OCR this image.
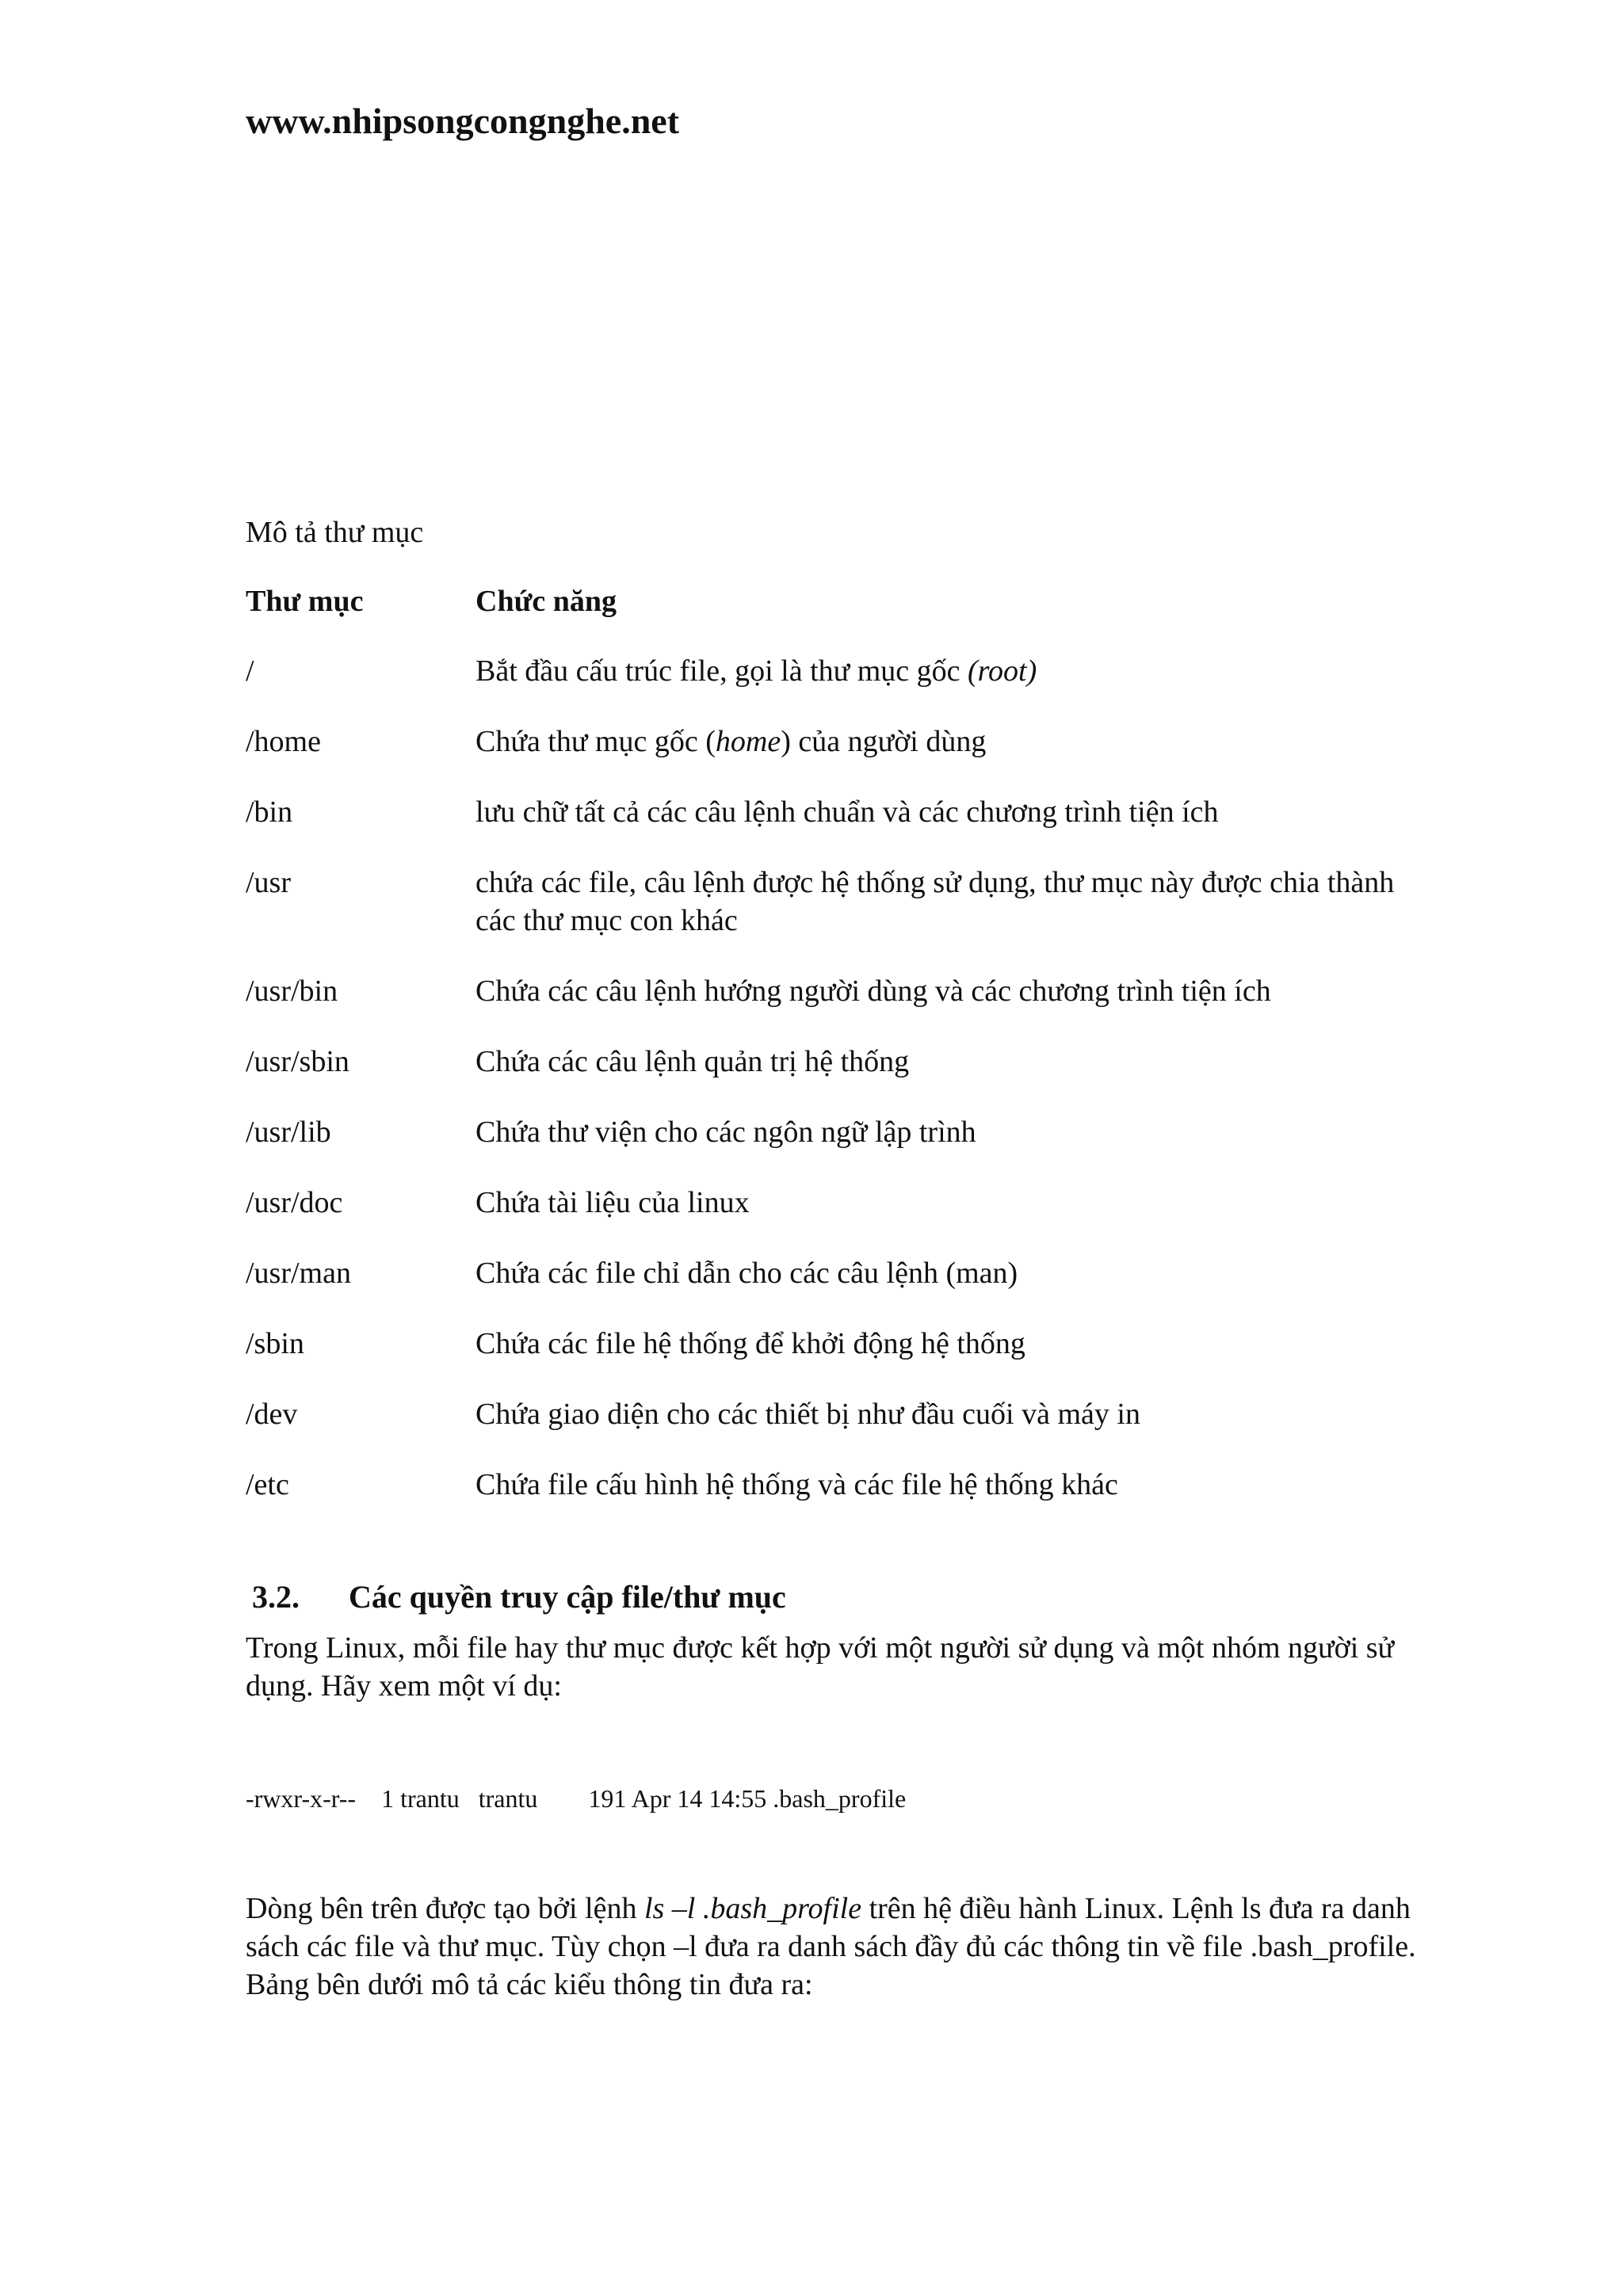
www.nhipsongcongnghe.net
Mô tả thư mục
Thư mục	Chức năng
/	Bắt đầu cấu trúc file, gọi là thư mục gốc (root)
/home	Chứa thư mục gốc (home) của người dùng
/bin	lưu chữ tất cả các câu lệnh chuẩn và các chương trình tiện ích
/usr	chứa các file, câu lệnh được hệ thống sử dụng, thư mục này được chia thành các thư mục con khác
/usr/bin	Chứa các câu lệnh hướng người dùng và các chương trình tiện ích
/usr/sbin	Chứa các câu lệnh quản trị hệ thống
/usr/lib	Chứa thư viện cho các ngôn ngữ lập trình
/usr/doc	Chứa tài liệu của linux
/usr/man	Chứa các file chỉ dẫn cho các câu lệnh (man)
/sbin	Chứa các file hệ thống để khởi động hệ thống
/dev	Chứa giao diện cho các thiết bị như đầu cuối và máy in
/etc	Chứa file cấu hình hệ thống và các file hệ thống khác
3.2. Các quyền truy cập file/thư mục
Trong Linux, mỗi file hay thư mục được kết hợp với một người sử dụng và một nhóm người sử dụng. Hãy xem một ví dụ:
-rwxr-x-r--    1 trantu   trantu        191 Apr 14 14:55 .bash_profile
Dòng bên trên được tạo bởi lệnh ls –l .bash_profile trên hệ điều hành Linux. Lệnh ls đưa ra danh sách các file và thư mục. Tùy chọn –l đưa ra danh sách đầy đủ các thông tin về file .bash_profile. Bảng bên dưới mô tả các kiểu thông tin đưa ra:
